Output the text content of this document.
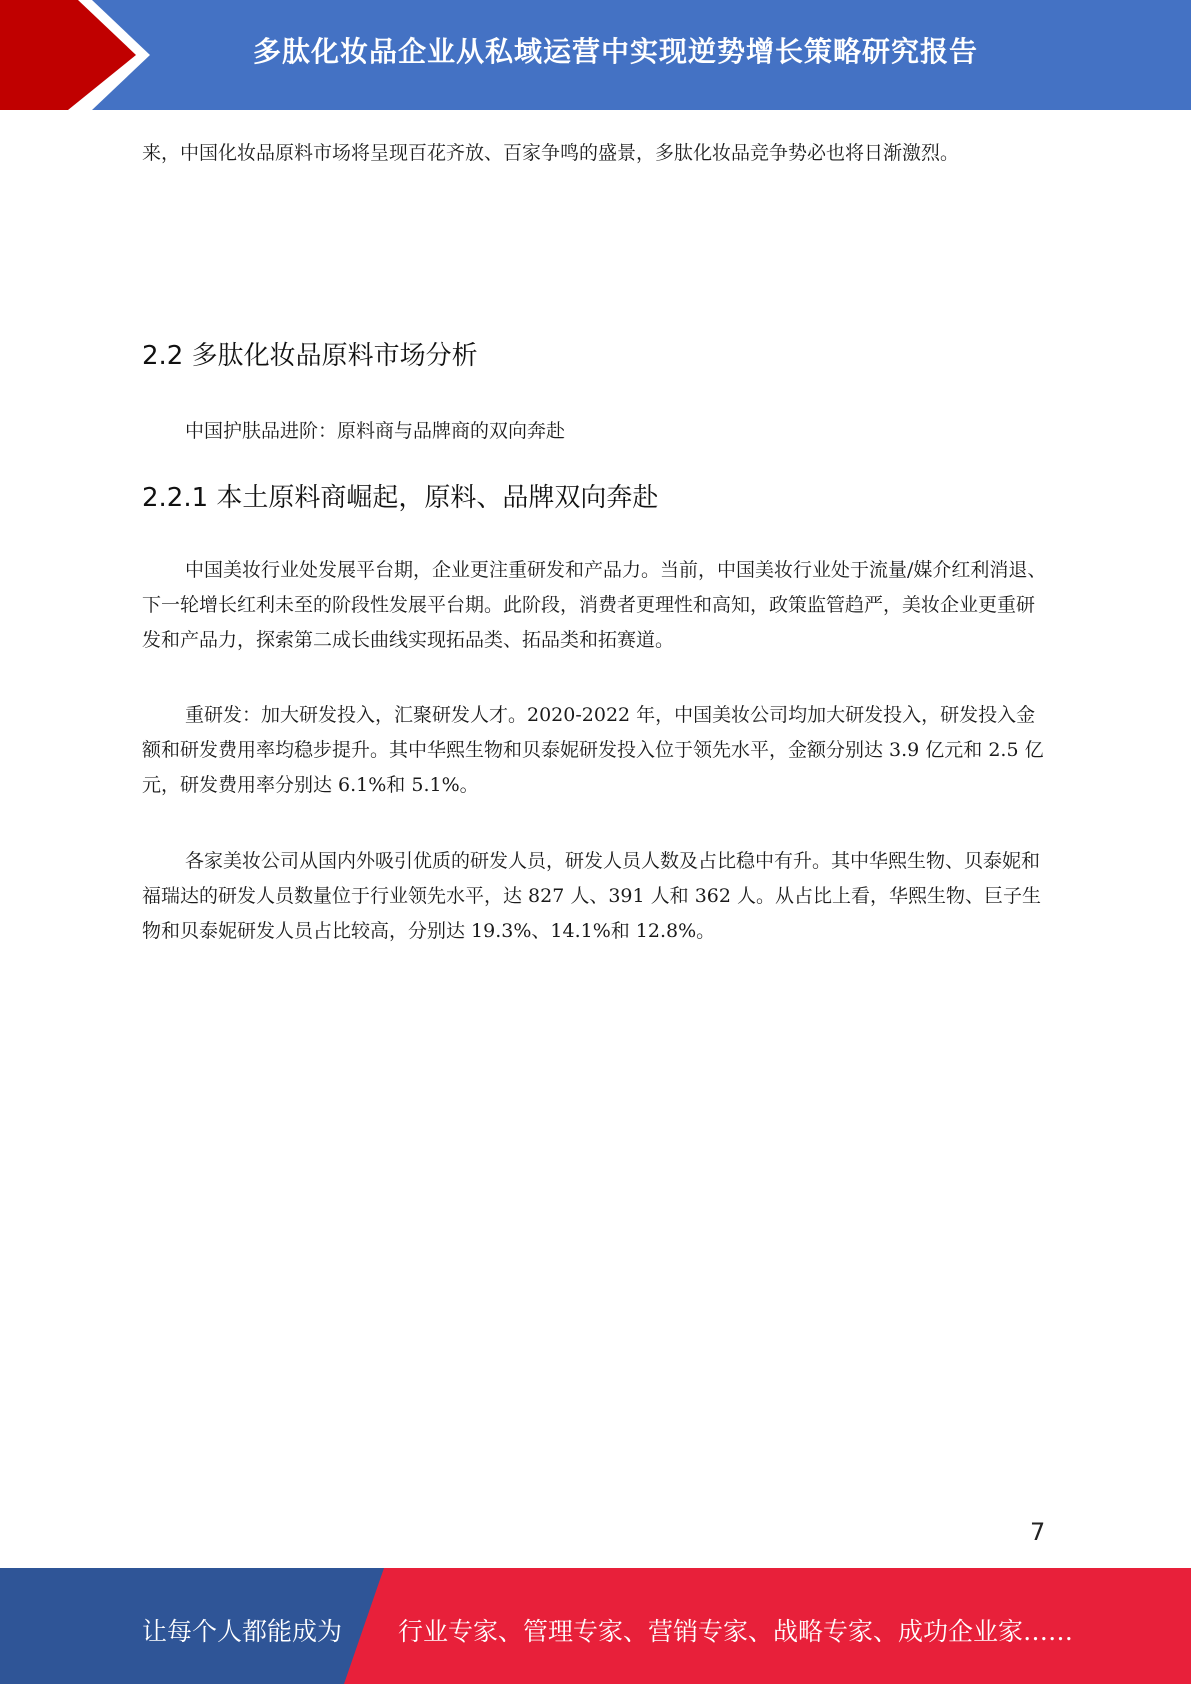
多肽化妆品企业从私域运营中实现逆势增长策略研究报告

来，中国化妆品原料市场将呈现百花齐放、百家争鸣的盛景，多肽化妆品竞争势必也将日渐激烈。

2.2 多肽化妆品原料市场分析

中国护肤品进阶：原料商与品牌商的双向奔赴

2.2.1 本土原料商崛起，原料、品牌双向奔赴

中国美妆行业处发展平台期，企业更注重研发和产品力。当前，中国美妆行业处于流量/媒介红利消退、下一轮增长红利未至的阶段性发展平台期。此阶段，消费者更理性和高知，政策监管趋严，美妆企业更重研发和产品力，探索第二成长曲线实现拓品类、拓品类和拓赛道。

重研发：加大研发投入，汇聚研发人才。2020-2022 年，中国美妆公司均加大研发投入，研发投入金额和研发费用率均稳步提升。其中华熙生物和贝泰妮研发投入位于领先水平，金额分别达 3.9 亿元和 2.5 亿元，研发费用率分别达 6.1%和 5.1%。

各家美妆公司从国内外吸引优质的研发人员，研发人员人数及占比稳中有升。其中华熙生物、贝泰妮和福瑞达的研发人员数量位于行业领先水平，达 827 人、391 人和 362 人。从占比上看，华熙生物、巨子生物和贝泰妮研发人员占比较高，分别达 19.3%、14.1%和 12.8%。

7
让每个人都能成为 行业专家、管理专家、营销专家、战略专家、成功企业家……
